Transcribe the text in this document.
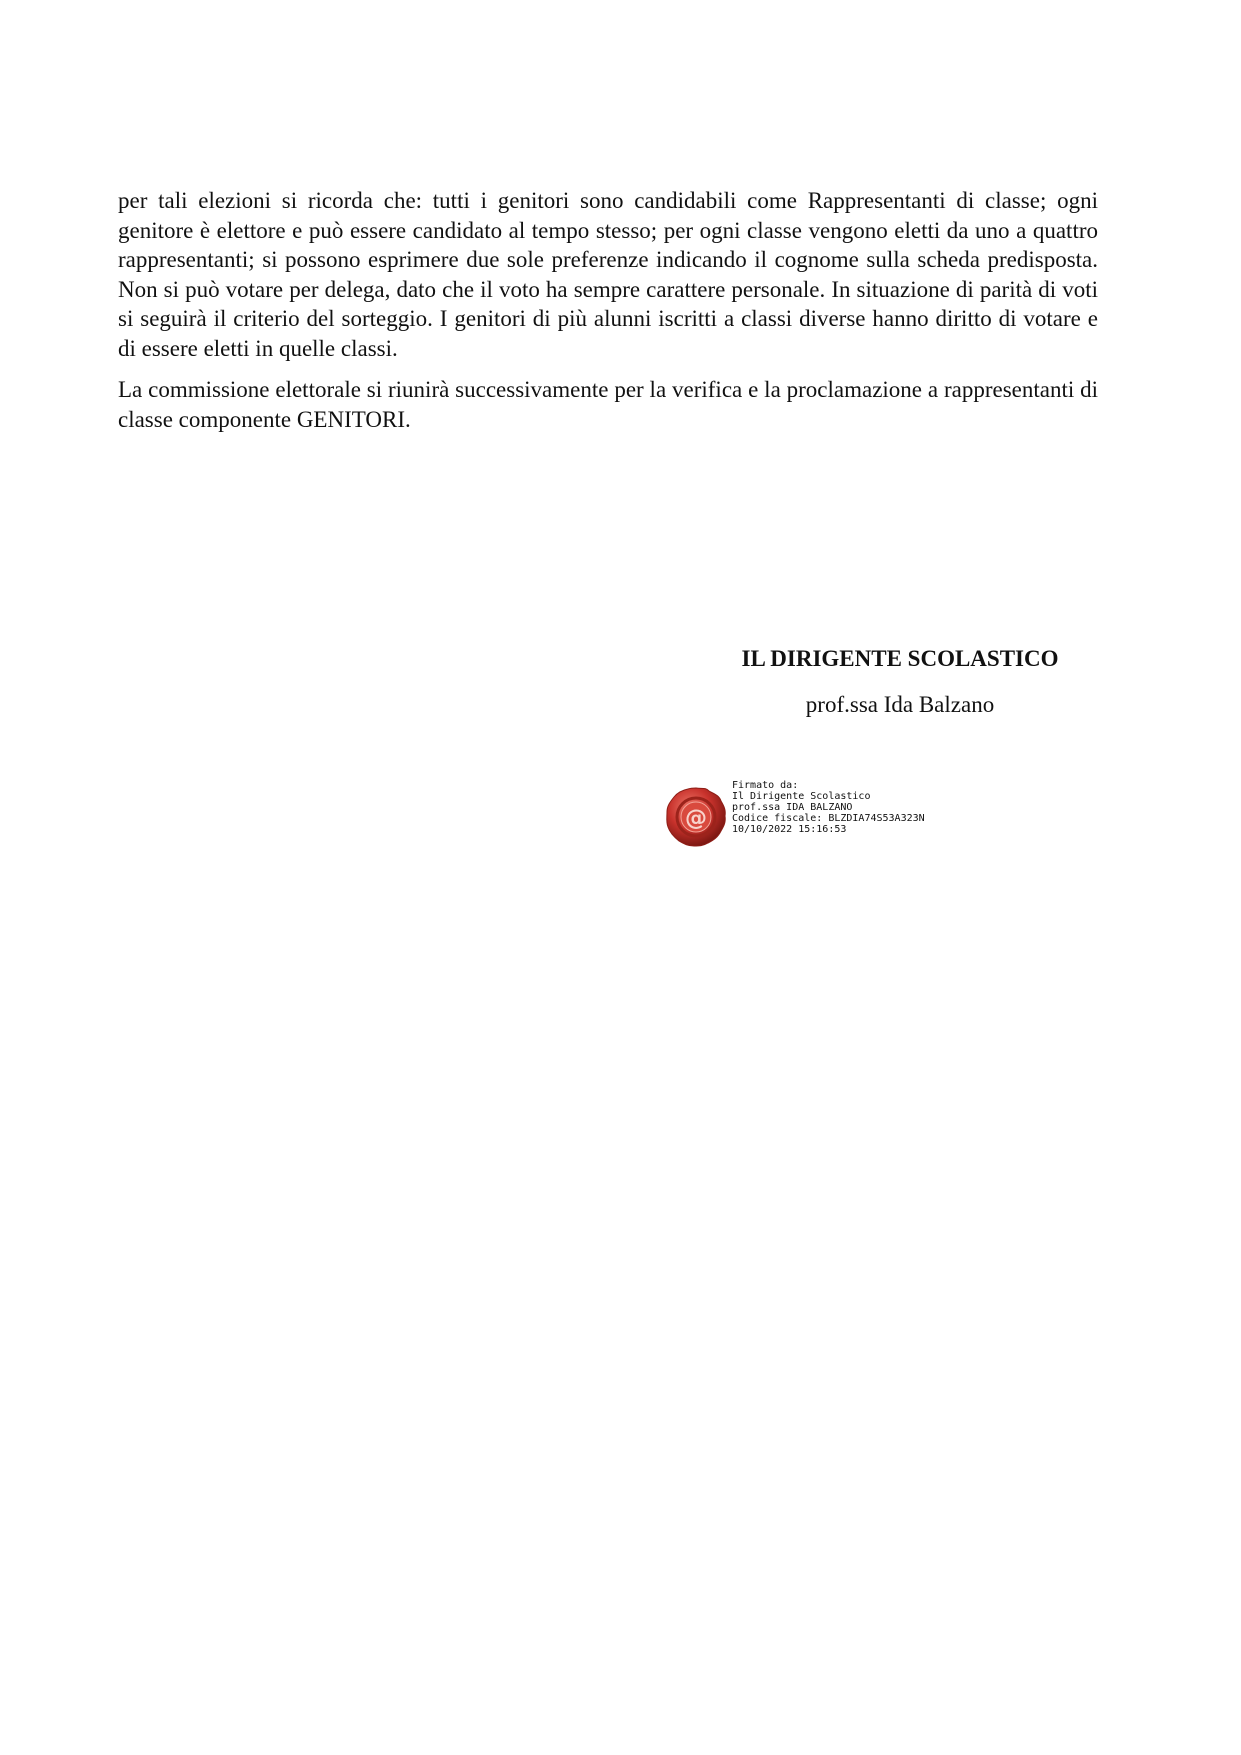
per tali elezioni si ricorda che: tutti i genitori sono candidabili come Rappresentanti di classe; ogni genitore è elettore e può essere candidato al tempo stesso; per ogni classe vengono eletti da uno a quattro rappresentanti; si possono esprimere due sole preferenze indicando il cognome sulla scheda predisposta. Non si può votare per delega, dato che il voto ha sempre carattere personale. In situazione di parità di voti si seguirà il criterio del sorteggio. I genitori di più alunni iscritti a classi diverse hanno diritto di votare e di essere eletti in quelle classi.

La commissione elettorale si riunirà successivamente per la verifica e la proclamazione a rappresentanti di classe componente GENITORI.

IL DIRIGENTE SCOLASTICO
prof.ssa Ida Balzano
@
Firmato da:
Il Dirigente Scolastico
prof.ssa IDA BALZANO
Codice fiscale: BLZDIA74S53A323N
10/10/2022 15:16:53
